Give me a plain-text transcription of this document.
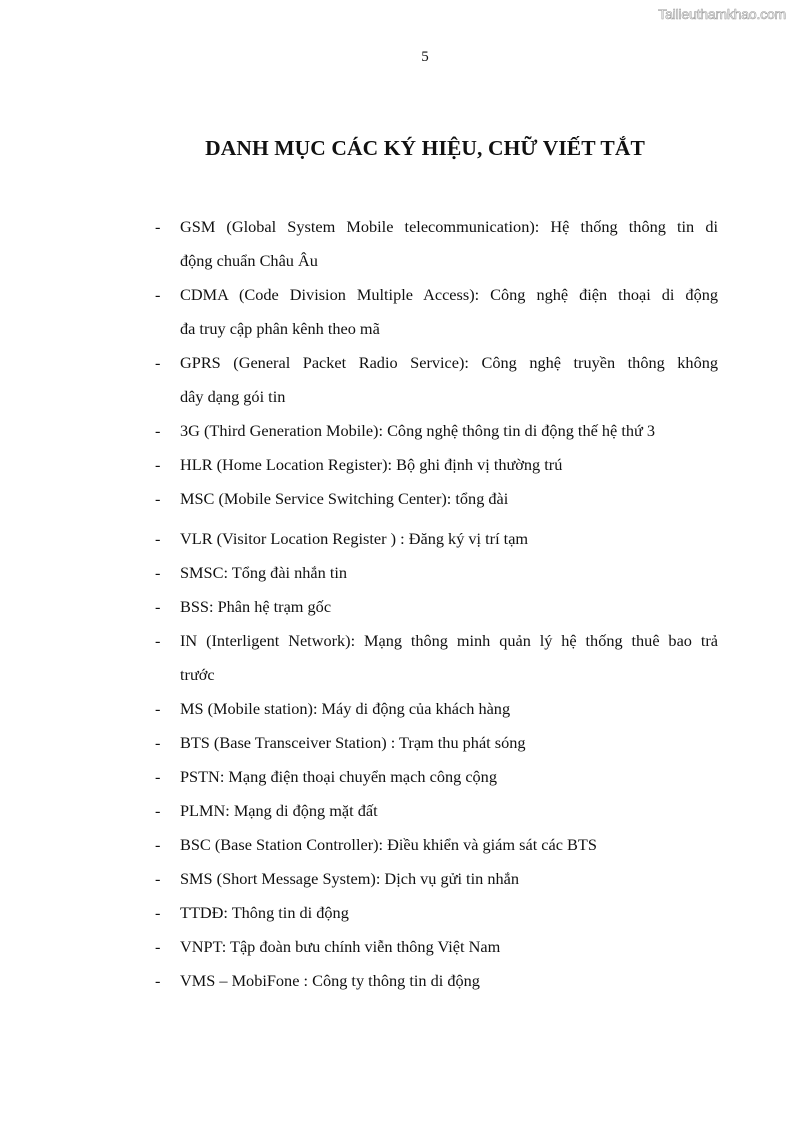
Tailieuthamkhao.com
5
DANH MỤC CÁC KÝ HIỆU, CHỮ VIẾT TẮT
- GSM (Global System Mobile telecommunication): Hệ thống thông tin di
động chuẩn Châu Âu
- CDMA (Code Division Multiple Access): Công nghệ điện thoại di động
đa truy cập phân kênh theo mã
- GPRS (General Packet Radio Service): Công nghệ truyền thông không
dây dạng gói tin
- 3G (Third Generation Mobile): Công nghệ thông tin di động thế hệ thứ 3
- HLR (Home Location Register): Bộ ghi định vị thường trú
- MSC (Mobile Service Switching Center): tổng đài
- VLR (Visitor Location Register ) : Đăng ký vị trí tạm
- SMSC: Tổng đài nhắn tin
- BSS: Phân hệ trạm gốc
- IN (Interligent Network): Mạng thông minh quản lý hệ thống thuê bao trả
trước
- MS (Mobile station): Máy di động của khách hàng
- BTS (Base Transceiver Station) : Trạm thu phát sóng
- PSTN: Mạng điện thoại chuyển mạch công cộng
- PLMN: Mạng di động mặt đất
- BSC (Base Station Controller): Điều khiển và giám sát các BTS
- SMS (Short Message System): Dịch vụ gửi tin nhắn
- TTDĐ: Thông tin di động
- VNPT: Tập đoàn bưu chính viễn thông Việt Nam
- VMS – MobiFone : Công ty thông tin di động
